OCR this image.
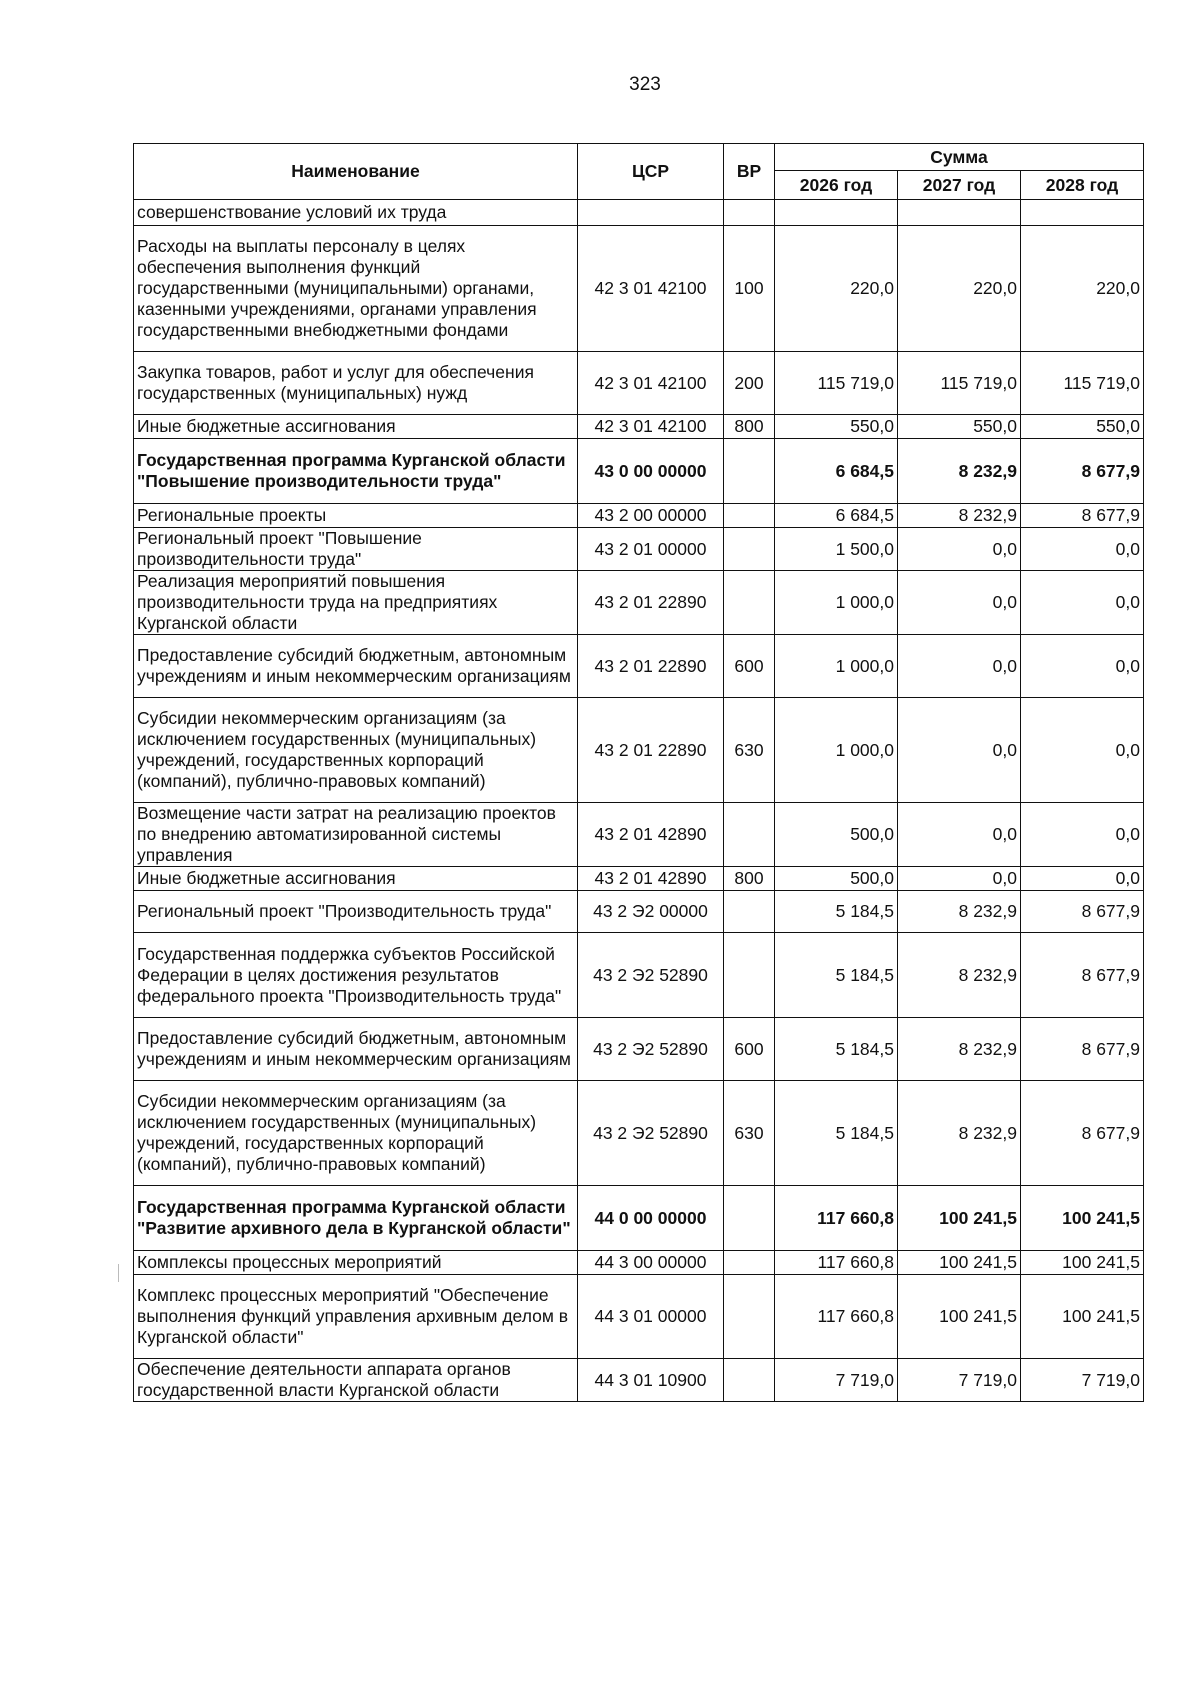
323
Наименование	ЦСР	ВР	Сумма		
			2026 год	2027 год	2028 год
совершенствование условий их труда					
Расходы на выплаты персоналу в целях обеспечения выполнения функций государственными (муниципальными) органами, казенными учреждениями, органами управления государственными внебюджетными фондами	42 3 01 42100	100	220,0	220,0	220,0
Закупка товаров, работ и услуг для обеспечения государственных (муниципальных) нужд	42 3 01 42100	200	115 719,0	115 719,0	115 719,0
Иные бюджетные ассигнования	42 3 01 42100	800	550,0	550,0	550,0
Государственная программа Курганской области "Повышение производительности труда"	43 0 00 00000		6 684,5	8 232,9	8 677,9
Региональные проекты	43 2 00 00000		6 684,5	8 232,9	8 677,9
Региональный проект "Повышение производительности труда"	43 2 01 00000		1 500,0	0,0	0,0
Реализация мероприятий повышения производительности труда на предприятиях Курганской области	43 2 01 22890		1 000,0	0,0	0,0
Предоставление субсидий бюджетным, автономным учреждениям и иным некоммерческим организациям	43 2 01 22890	600	1 000,0	0,0	0,0
Субсидии некоммерческим организациям (за исключением государственных (муниципальных) учреждений, государственных корпораций (компаний), публично-правовых компаний)	43 2 01 22890	630	1 000,0	0,0	0,0
Возмещение части затрат на реализацию проектов по внедрению автоматизированной системы управления	43 2 01 42890		500,0	0,0	0,0
Иные бюджетные ассигнования	43 2 01 42890	800	500,0	0,0	0,0
Региональный проект "Производительность труда"	43 2 Э2 00000		5 184,5	8 232,9	8 677,9
Государственная поддержка субъектов Российской Федерации в целях достижения результатов федерального проекта "Производительность труда"	43 2 Э2 52890		5 184,5	8 232,9	8 677,9
Предоставление субсидий бюджетным, автономным учреждениям и иным некоммерческим организациям	43 2 Э2 52890	600	5 184,5	8 232,9	8 677,9
Субсидии некоммерческим организациям (за исключением государственных (муниципальных) учреждений, государственных корпораций (компаний), публично-правовых компаний)	43 2 Э2 52890	630	5 184,5	8 232,9	8 677,9
Государственная программа Курганской области "Развитие архивного дела в Курганской области"	44 0 00 00000		117 660,8	100 241,5	100 241,5
Комплексы процессных мероприятий	44 3 00 00000		117 660,8	100 241,5	100 241,5
Комплекс процессных мероприятий "Обеспечение выполнения функций управления архивным делом в Курганской области"	44 3 01 00000		117 660,8	100 241,5	100 241,5
Обеспечение деятельности аппарата органов государственной власти Курганской области	44 3 01 10900		7 719,0	7 719,0	7 719,0
